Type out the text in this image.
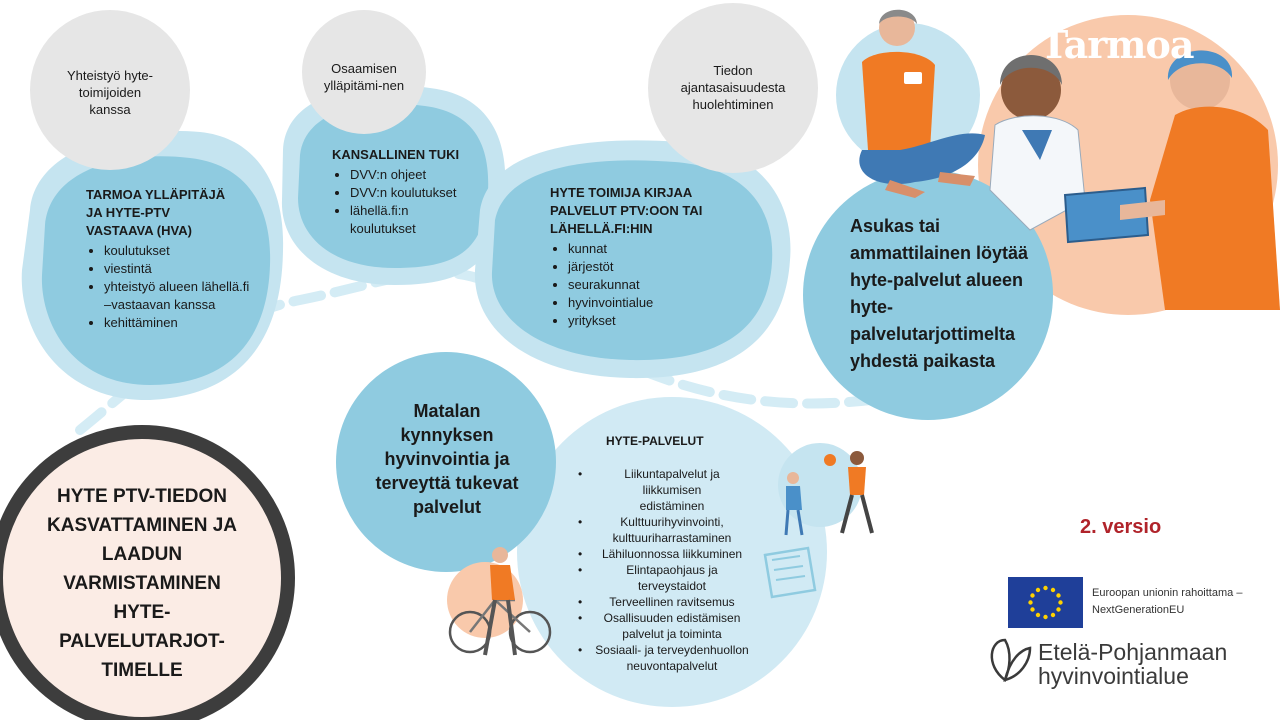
Yhteistyö hyte-toimijoiden kanssa
Osaamisen ylläpitämi-nen
Tiedon ajantasaisuudesta huolehtiminen
TARMOA YLLÄPITÄJÄ
JA HYTE-PTV
VASTAAVA (HVA)
• koulutukset
• viestintä
• yhteistyö alueen lähellä.fi –vastaavan kanssa
• kehittäminen
KANSALLINEN TUKI
• DVV:n ohjeet
• DVV:n koulutukset
• lähellä.fi:n koulutukset
HYTE TOIMIJA KIRJAA
PALVELUT PTV:OON TAI
LÄHELLÄ.FI:HIN
• kunnat
• järjestöt
• seurakunnat
• hyvinvointialue
• yritykset
Asukas tai ammattilainen löytää hyte-palvelut alueen hyte-palvelutarjottimelta yhdestä paikasta
Matalan kynnyksen hyvinvointia ja terveyttä tukevat palvelut
HYTE-PALVELUT
• Liikuntapalvelut ja liikkumisen edistäminen
• Kulttuurihyvinvointi, kulttuuriharrastaminen
• Lähiluonnossa liikkuminen
• Elintapaohjaus ja terveystaidot
• Terveellinen ravitsemus
• Osallisuuden edistämisen palvelut ja toiminta
• Sosiaali- ja terveydenhuollon neuvontapalvelut
HYTE PTV-TIEDON KASVATTAMINEN JA LAADUN VARMISTAMINEN HYTE-PALVELUTARJOT-TIMELLE
Tarmoa
2. versio
Euroopan unionin rahoittama –
NextGenerationEU
Etelä-Pohjanmaan
hyvinvointialue
